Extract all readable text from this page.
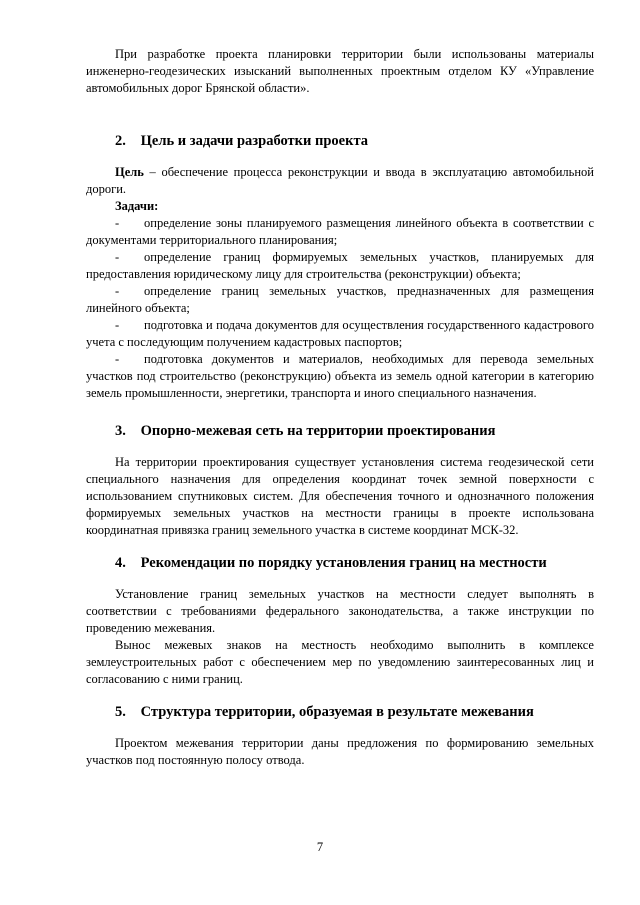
При разработке проекта планировки территории были использованы материалы инженерно-геодезических изысканий выполненных проектным отделом КУ «Управление автомобильных дорог Брянской области».

2. Цель и задачи разработки проекта

Цель – обеспечение процесса реконструкции и ввода в эксплуатацию автомобильной дороги.

Задачи:

- определение зоны планируемого размещения линейного объекта в соответствии с документами территориального планирования;

- определение границ формируемых земельных участков, планируемых для предоставления юридическому лицу для строительства (реконструкции) объекта;

- определение границ земельных участков, предназначенных для размещения линейного объекта;

- подготовка и подача документов для осуществления государственного кадастрового учета с последующим получением кадастровых паспортов;

- подготовка документов и материалов, необходимых для перевода земельных участков под строительство (реконструкцию) объекта из земель одной категории в категорию земель промышленности, энергетики, транспорта и иного специального назначения.

3. Опорно-межевая сеть на территории проектирования

На территории проектирования существует установления система геодезической сети специального назначения для определения координат точек земной поверхности с использованием спутниковых систем. Для обеспечения точного и однозначного положения формируемых земельных участков на местности границы в проекте использована координатная привязка границ земельного участка в системе координат МСК-32.

4. Рекомендации по порядку установления границ на местности

Установление границ земельных участков на местности следует выполнять в соответствии с требованиями федерального законодательства, а также инструкции по проведению межевания.

Вынос межевых знаков на местность необходимо выполнить в комплексе землеустроительных работ с обеспечением мер по уведомлению заинтересованных лиц и согласованию с ними границ.

5. Структура территории, образуемая в результате межевания

Проектом межевания территории даны предложения по формированию земельных участков под постоянную полосу отвода.

7
